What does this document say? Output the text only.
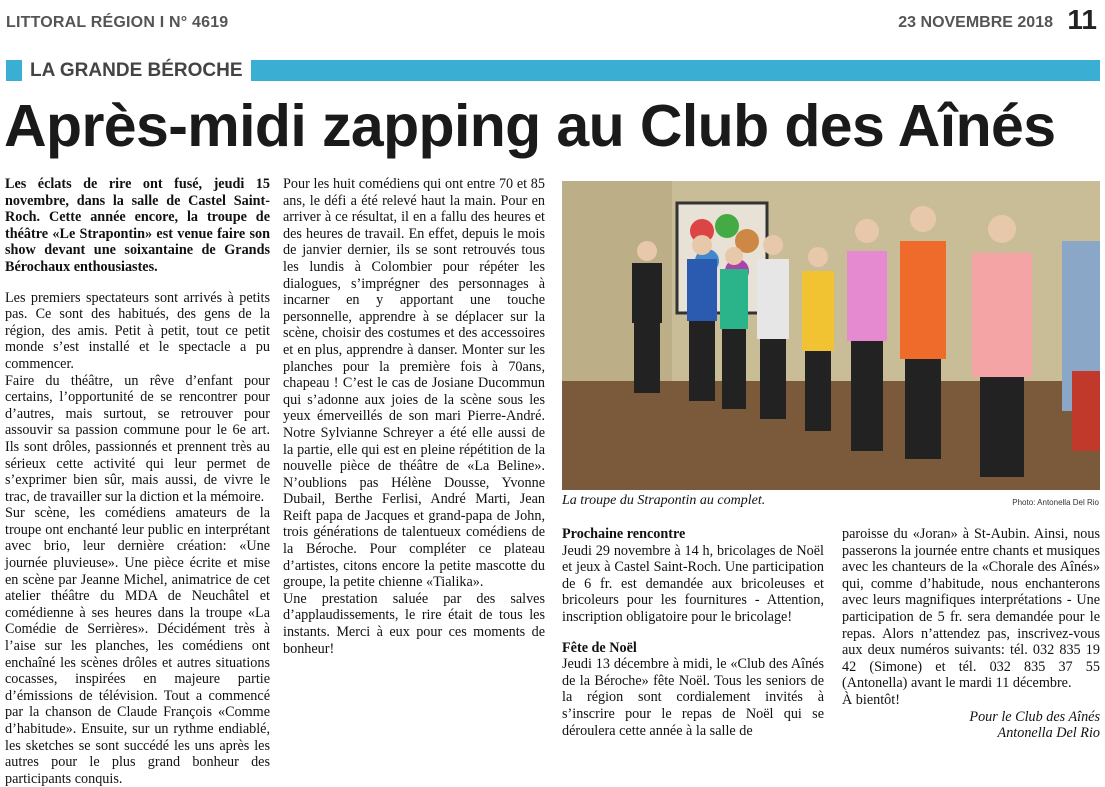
LITTORAL RÉGION I N° 4619	23 NOVEMBRE 2018 11
LA GRANDE BÉROCHE
Après-midi zapping au Club des Aînés

Les éclats de rire ont fusé, jeudi 15 novembre, dans la salle de Castel Saint-Roch. Cette année encore, la troupe de théâtre «Le Strapontin» est venue faire son show devant une soixantaine de Grands Bérochaux enthousiastes.

Les premiers spectateurs sont arrivés à petits pas. Ce sont des habitués, des gens de la région, des amis. Petit à petit, tout ce petit monde s’est installé et le spectacle a pu commencer.

Faire du théâtre, un rêve d’enfant pour certains, l’opportunité de se rencontrer pour d’autres, mais surtout, se retrouver pour assouvir sa passion commune pour le 6e art. Ils sont drôles, passionnés et prennent très au sérieux cette activité qui leur permet de s’exprimer bien sûr, mais aussi, de vivre le trac, de travailler sur la diction et la mémoire.

Sur scène, les comédiens amateurs de la troupe ont enchanté leur public en interprétant avec brio, leur dernière création: «Une journée pluvieuse». Une pièce écrite et mise en scène par Jeanne Michel, animatrice de cet atelier théâtre du MDA de Neuchâtel et comédienne à ses heures dans la troupe «La Comédie de Serrières». Décidément très à l’aise sur les planches, les comédiens ont enchaîné les scènes drôles et autres situations cocasses, inspirées en majeure partie d’émissions de télévision. Tout a commencé par la chanson de Claude François «Comme d’habitude». Ensuite, sur un rythme endiablé, les sketches se sont succédé les uns après les autres pour le plus grand bonheur des participants conquis.

Pour les huit comédiens qui ont entre 70 et 85 ans, le défi a été relevé haut la main. Pour en arriver à ce résultat, il en a fallu des heures et des heures de travail. En effet, depuis le mois de janvier dernier, ils se sont retrouvés tous les lundis à Colombier pour répéter les dialogues, s’imprégner des personnages à incarner en y apportant une touche personnelle, apprendre à se déplacer sur la scène, choisir des costumes et des accessoires et en plus, apprendre à danser. Monter sur les planches pour la première fois à 70ans, chapeau ! C’est le cas de Josiane Ducommun qui s’adonne aux joies de la scène sous les yeux émerveillés de son mari Pierre-André. Notre Sylvianne Schreyer a été elle aussi de la partie, elle qui est en pleine répétition de la nouvelle pièce de théâtre de «La Beline». N’oublions pas Hélène Dousse, Yvonne Dubail, Berthe Ferlisi, André Marti, Jean Reift papa de Jacques et grand-papa de John, trois générations de talentueux comédiens de la Béroche. Pour compléter ce plateau d’artistes, citons encore la petite mascotte du groupe, la petite chienne «Tialika».

Une prestation saluée par des salves d’applaudissements, le rire était de tous les instants. Merci à eux pour ces moments de bonheur!

La troupe du Strapontin au complet.	Photo: Antonella Del Rio

Prochaine rencontre

Jeudi 29 novembre à 14 h, bricolages de Noël et jeux à Castel Saint-Roch. Une participation de 6 fr. est demandée aux bricoleuses et bricoleurs pour les fournitures - Attention, inscription obligatoire pour le bricolage!

Fête de Noël

Jeudi 13 décembre à midi, le «Club des Aînés de la Béroche» fête Noël. Tous les seniors de la région sont cordialement invités à s’inscrire pour le repas de Noël qui se déroulera cette année à la salle de

paroisse du «Joran» à St-Aubin. Ainsi, nous passerons la journée entre chants et musiques avec les chanteurs de la «Chorale des Aînés» qui, comme d’habitude, nous enchanterons avec leurs magnifiques interprétations - Une participation de 5 fr. sera demandée pour le repas. Alors n’attendez pas, inscrivez-vous aux deux numéros suivants: tél. 032 835 19 42 (Simone) et tél. 032 835 37 55 (Antonella) avant le mardi 11 décembre.

À bientôt!

Pour le Club des Aînés

Antonella Del Rio
